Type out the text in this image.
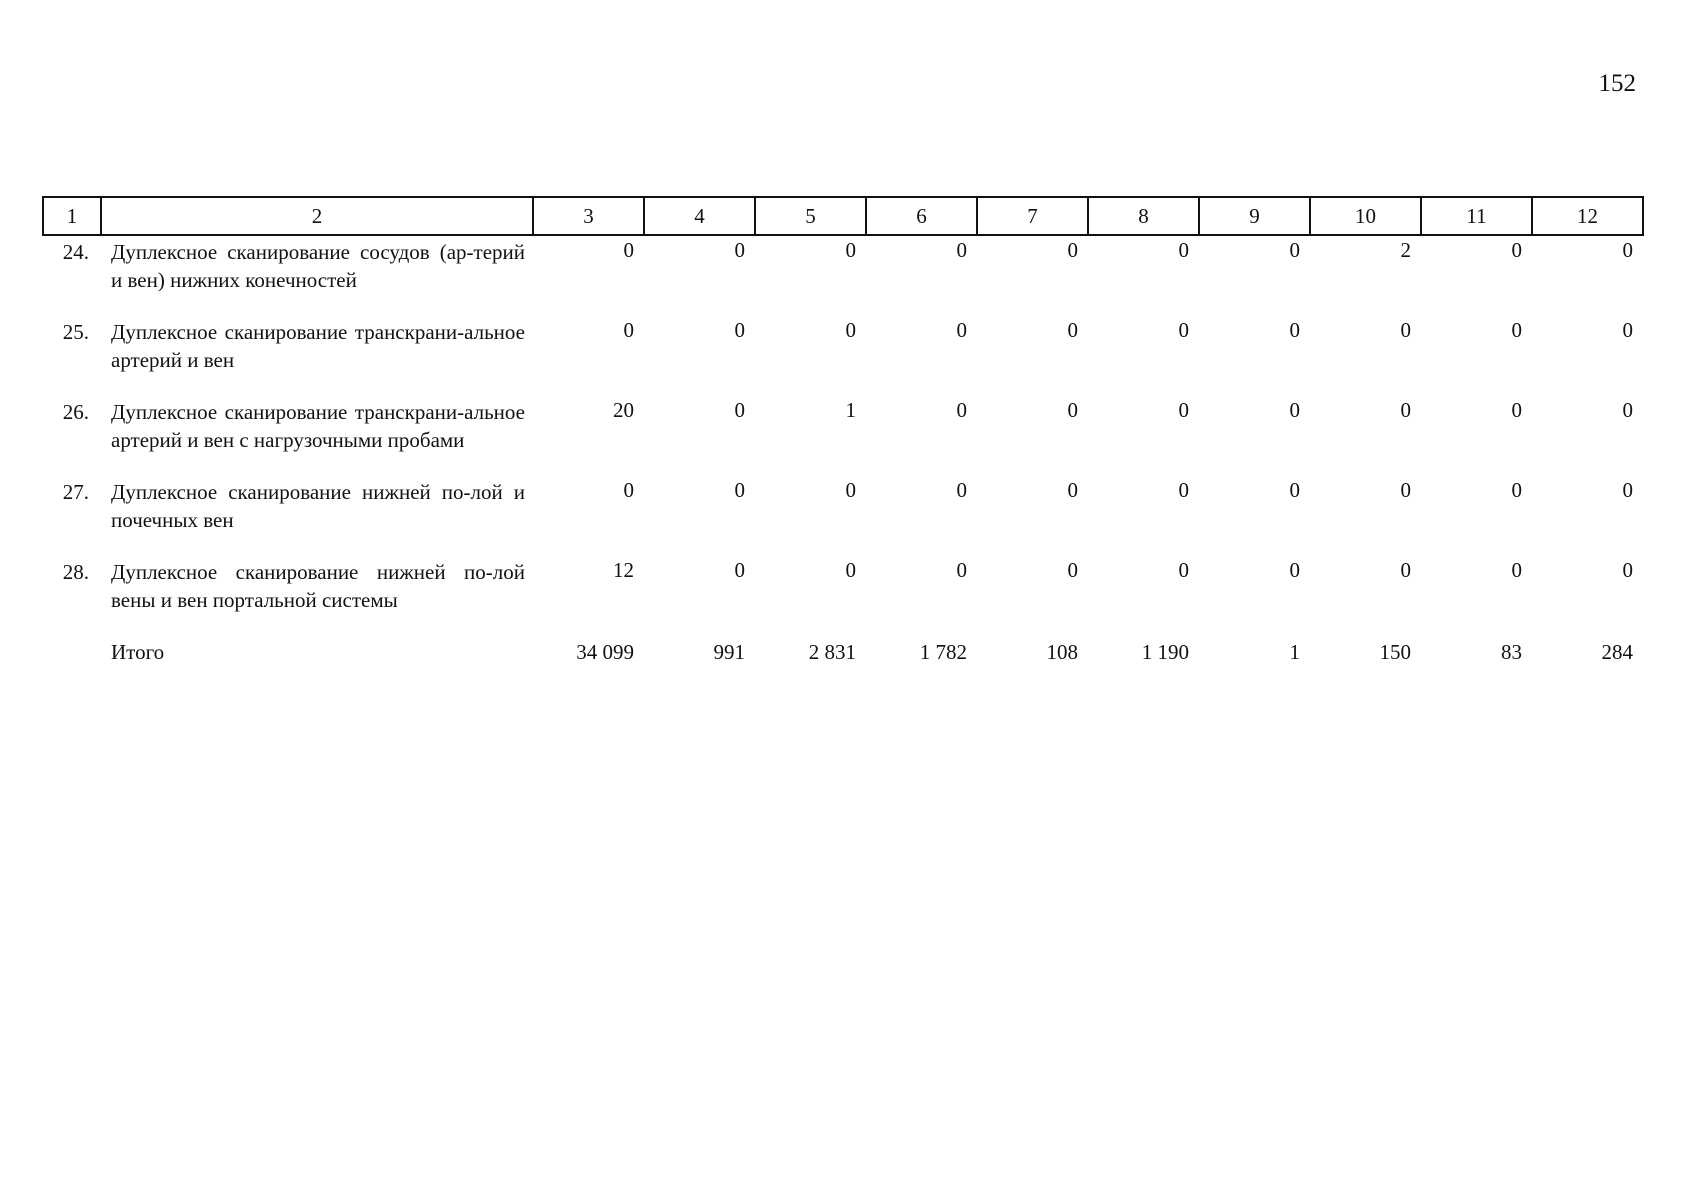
152
1	2	3	4	5	6	7	8	9	10	11	12
24.	Дуплексное сканирование сосудов (ар-терий и вен) нижних конечностей	0	0	0	0	0	0	0	2	0	0
25.	Дуплексное сканирование транскрани-альное артерий и вен	0	0	0	0	0	0	0	0	0	0
26.	Дуплексное сканирование транскрани-альное артерий и вен с нагрузочными пробами	20	0	1	0	0	0	0	0	0	0
27.	Дуплексное сканирование нижней по-лой и почечных вен	0	0	0	0	0	0	0	0	0	0
28.	Дуплексное сканирование нижней по-лой вены и вен портальной системы	12	0	0	0	0	0	0	0	0	0
	Итого	34 099	991	2 831	1 782	108	1 190	1	150	83	284
